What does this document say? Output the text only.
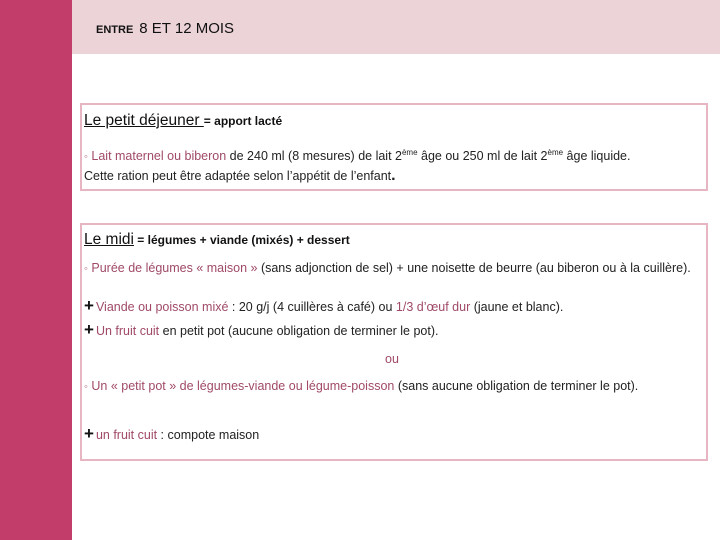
ENTRE 8 ET 12 MOIS
Le petit déjeuner = apport lacté
◦ Lait maternel ou biberon de 240 ml (8 mesures) de lait 2ème âge ou 250 ml de lait 2ème âge liquide.
Cette ration peut être adaptée selon l’appétit de l’enfant.
Le midi = légumes + viande (mixés) + dessert
◦ Purée de légumes « maison » (sans adjonction de sel) + une noisette de beurre (au biberon ou à la cuillère).
+ Viande ou poisson mixé : 20 g/j (4 cuillères à café) ou 1/3 d’œuf dur (jaune et blanc).
+ Un fruit cuit en petit pot (aucune obligation de terminer le pot).
ou
◦ Un « petit pot » de légumes-viande ou légume-poisson (sans aucune obligation de terminer le pot).
+ un fruit cuit : compote maison
